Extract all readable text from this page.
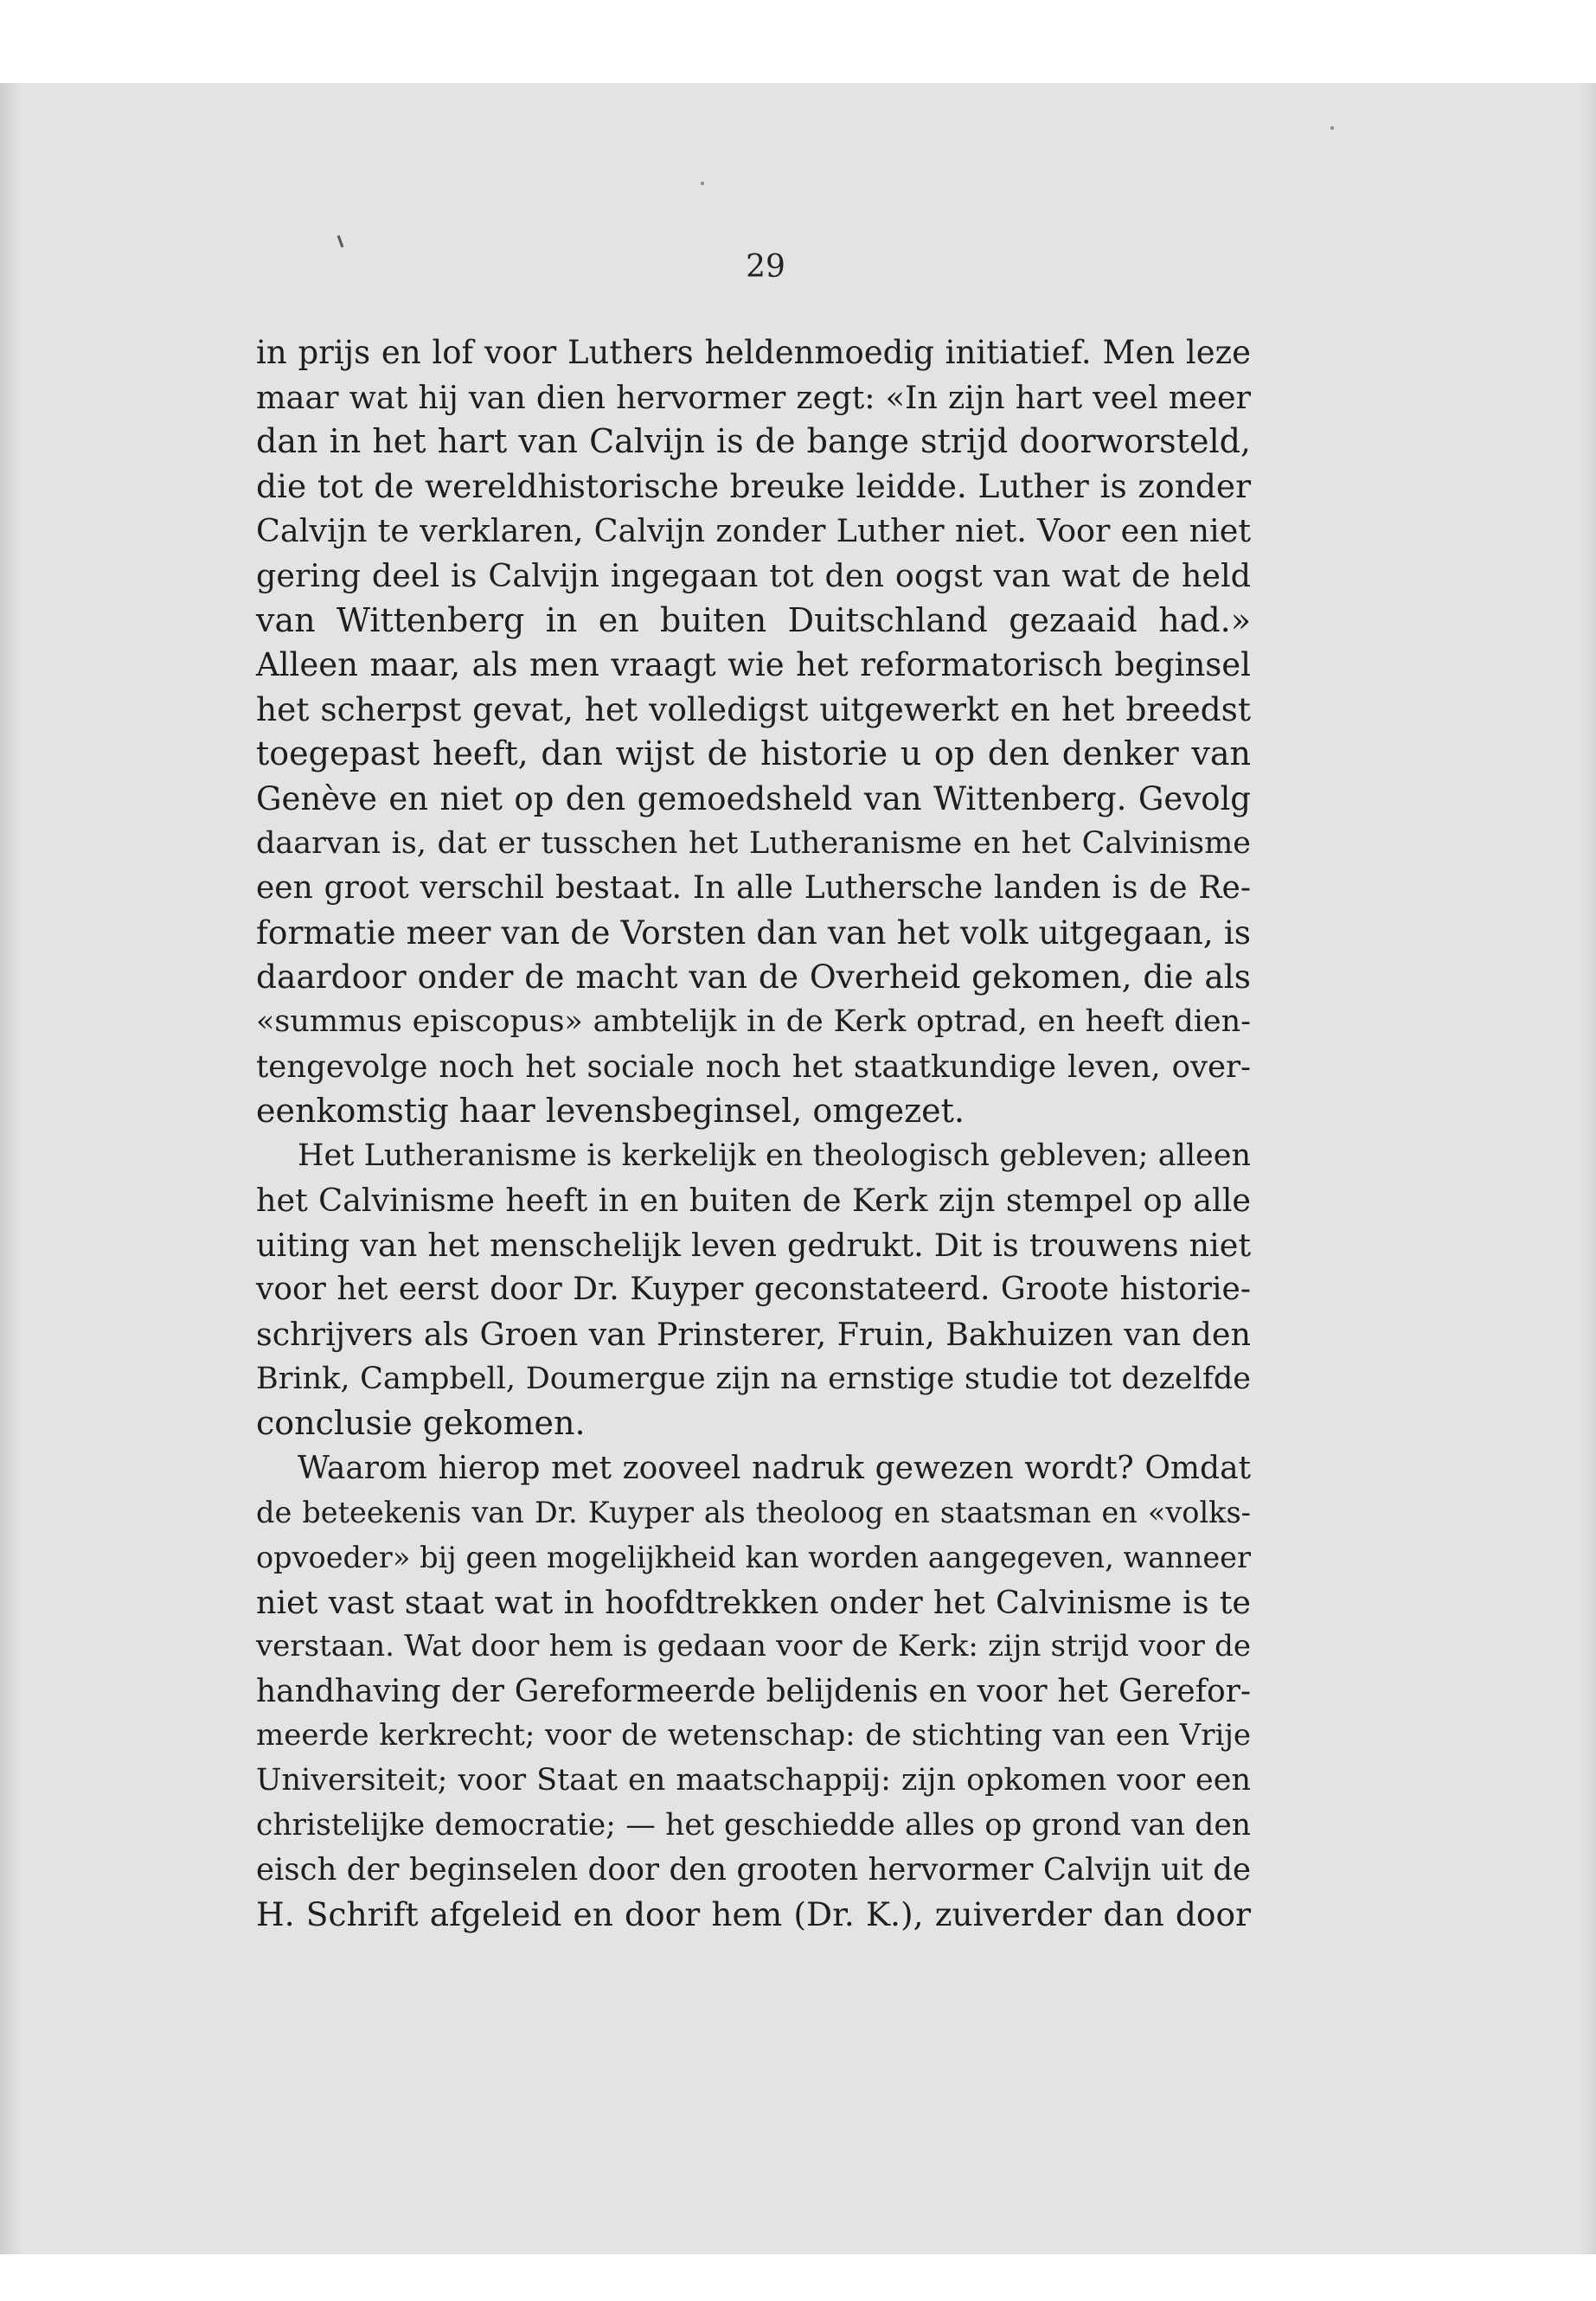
29
in prijs en lof voor Luthers heldenmoedig initiatief. Men leze
maar wat hij van dien hervormer zegt: «In zijn hart veel meer
dan in het hart van Calvijn is de bange strijd doorworsteld,
die tot de wereldhistorische breuke leidde. Luther is zonder
Calvijn te verklaren, Calvijn zonder Luther niet. Voor een niet
gering deel is Calvijn ingegaan tot den oogst van wat de held
van Wittenberg in en buiten Duitschland gezaaid had.»
Alleen maar, als men vraagt wie het reformatorisch beginsel
het scherpst gevat, het volledigst uitgewerkt en het breedst
toegepast heeft, dan wijst de historie u op den denker van
Genève en niet op den gemoedsheld van Wittenberg. Gevolg
daarvan is, dat er tusschen het Lutheranisme en het Calvinisme
een groot verschil bestaat. In alle Luthersche landen is de Re-
formatie meer van de Vorsten dan van het volk uitgegaan, is
daardoor onder de macht van de Overheid gekomen, die als
«summus episcopus» ambtelijk in de Kerk optrad, en heeft dien-
tengevolge noch het sociale noch het staatkundige leven, over-
eenkomstig haar levensbeginsel, omgezet.
Het Lutheranisme is kerkelijk en theologisch gebleven; alleen
het Calvinisme heeft in en buiten de Kerk zijn stempel op alle
uiting van het menschelijk leven gedrukt. Dit is trouwens niet
voor het eerst door Dr. Kuyper geconstateerd. Groote historie-
schrijvers als Groen van Prinsterer, Fruin, Bakhuizen van den
Brink, Campbell, Doumergue zijn na ernstige studie tot dezelfde
conclusie gekomen.
Waarom hierop met zooveel nadruk gewezen wordt? Omdat
de beteekenis van Dr. Kuyper als theoloog en staatsman en «volks-
opvoeder» bij geen mogelijkheid kan worden aangegeven, wanneer
niet vast staat wat in hoofdtrekken onder het Calvinisme is te
verstaan. Wat door hem is gedaan voor de Kerk: zijn strijd voor de
handhaving der Gereformeerde belijdenis en voor het Gerefor-
meerde kerkrecht; voor de wetenschap: de stichting van een Vrije
Universiteit; voor Staat en maatschappij: zijn opkomen voor een
christelijke democratie; — het geschiedde alles op grond van den
eisch der beginselen door den grooten hervormer Calvijn uit de
H. Schrift afgeleid en door hem (Dr. K.), zuiverder dan door
